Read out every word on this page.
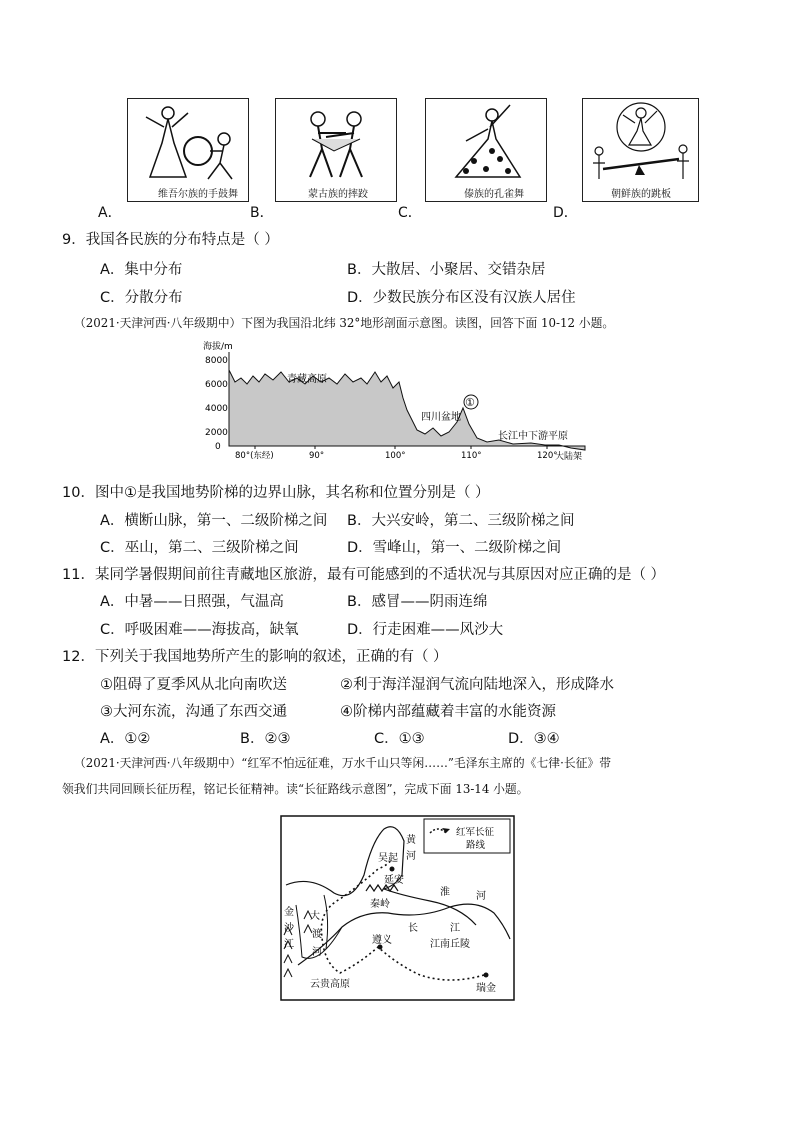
维吾尔族的手鼓舞
A．
蒙古族的摔跤
B．
傣族的孔雀舞
C．
朝鲜族的跳板
D．
9．我国各民族的分布特点是（ ）
A．集中分布	B．大散居、小聚居、交错杂居
C．分散分布	D．少数民族分布区没有汉族人居住
（2021·天津河西·八年级期中）下图为我国沿北纬 32°地形剖面示意图。读图，回答下面 10-12 小题。
海拔/m
8000
6000
4000
2000
0
80°(东经)	90°	100°	110°	120°
青藏高原
四川盆地
长江中下游平原
大陆架
①
10．图中①是我国地势阶梯的边界山脉，其名称和位置分别是（ ）
A．横断山脉，第一、二级阶梯之间 B．大兴安岭，第二、三级阶梯之间
C．巫山，第二、三级阶梯之间	D．雪峰山，第一、二级阶梯之间
11．某同学暑假期间前往青藏地区旅游，最有可能感到的不适状况与其原因对应正确的是（ ）
A．中暑——日照强，气温高	B．感冒——阴雨连绵
C．呼吸困难——海拔高，缺氧	D．行走困难——风沙大
12．下列关于我国地势所产生的影响的叙述，正确的有（ ）
①阻碍了夏季风从北向南吹送	②利于海洋湿润气流向陆地深入，形成降水
③大河东流，沟通了东西交通	④阶梯内部蕴藏着丰富的水能资源
A．①②	B．②③	C．①③	D．③④
（2021·天津河西·八年级期中）“红军不怕远征难，万水千山只等闲……”毛泽东主席的《七律·长征》带
领我们共同回顾长征历程，铭记长征精神。读“长征路线示意图”，完成下面 13-14 小题。
红军长征
路线
黄
河
吴起
延安
秦岭
淮	河
长	江
大
渡
河
金
沙
江	遵义	江南丘陵
瑞金
云贵高原
